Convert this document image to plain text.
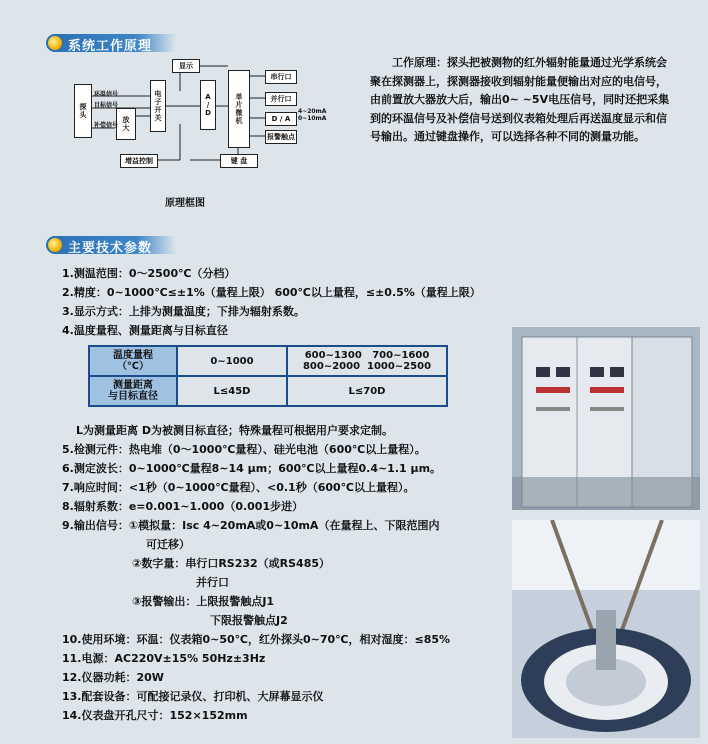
系统工作原理
探
头
电
子
开
关
放
大
A
/
D
单
片
微
机
显示
串行口
并行口
D / A
报警触点
增益控制	键 盘
环温信号
目标信号
补偿信号
4~20mA
0~10mA
原理框图
工作原理：探头把被测物的红外辐射能量通过光学系统会聚在探测器上，探测器接收到辐射能量便输出对应的电信号，由前置放大器放大后，输出0~ ~5V电压信号，同时还把采集到的环温信号及补偿信号送到仪表箱处理后再送温度显示和信号输出。通过键盘操作，可以选择各种不同的测量功能。
主要技术参数
1.测温范围：0～2500℃（分档）
2.精度：0~1000℃≤±1%（量程上限） 600℃以上量程，≤±0.5%（量程上限）
3.显示方式：上排为测量温度；下排为辐射系数。
4.温度量程、测量距离与目标直径
温度量程
（℃）	0~1000	600~1300   700~1600
800~2000  1000~2500
测量距离
与目标直径	L≤45D	L≤70D
L为测量距离 D为被测目标直径；特殊量程可根据用户要求定制。
5.检测元件：热电堆（0～1000℃量程）、硅光电池（600℃以上量程）。
6.测定波长：0~1000℃量程8~14 μm；600℃以上量程0.4~1.1 μm。
7.响应时间：<1秒（0~1000℃量程）、<0.1秒（600℃以上量程）。
8.辐射系数：e=0.001~1.000（0.001步进）
9.输出信号：①模拟量：Isc 4~20mA或0~10mA（在量程上、下限范围内
可迁移）
②数字量：串行口RS232（或RS485）
并行口
③报警输出：上限报警触点J1
下限报警触点J2
10.使用环境：环温：仪表箱0~50℃，红外探头0~70℃，相对湿度：≤85%
11.电源：AC220V±15% 50Hz±3Hz
12.仪器功耗：20W
13.配套设备：可配接记录仪、打印机、大屏幕显示仪
14.仪表盘开孔尺寸：152×152mm
